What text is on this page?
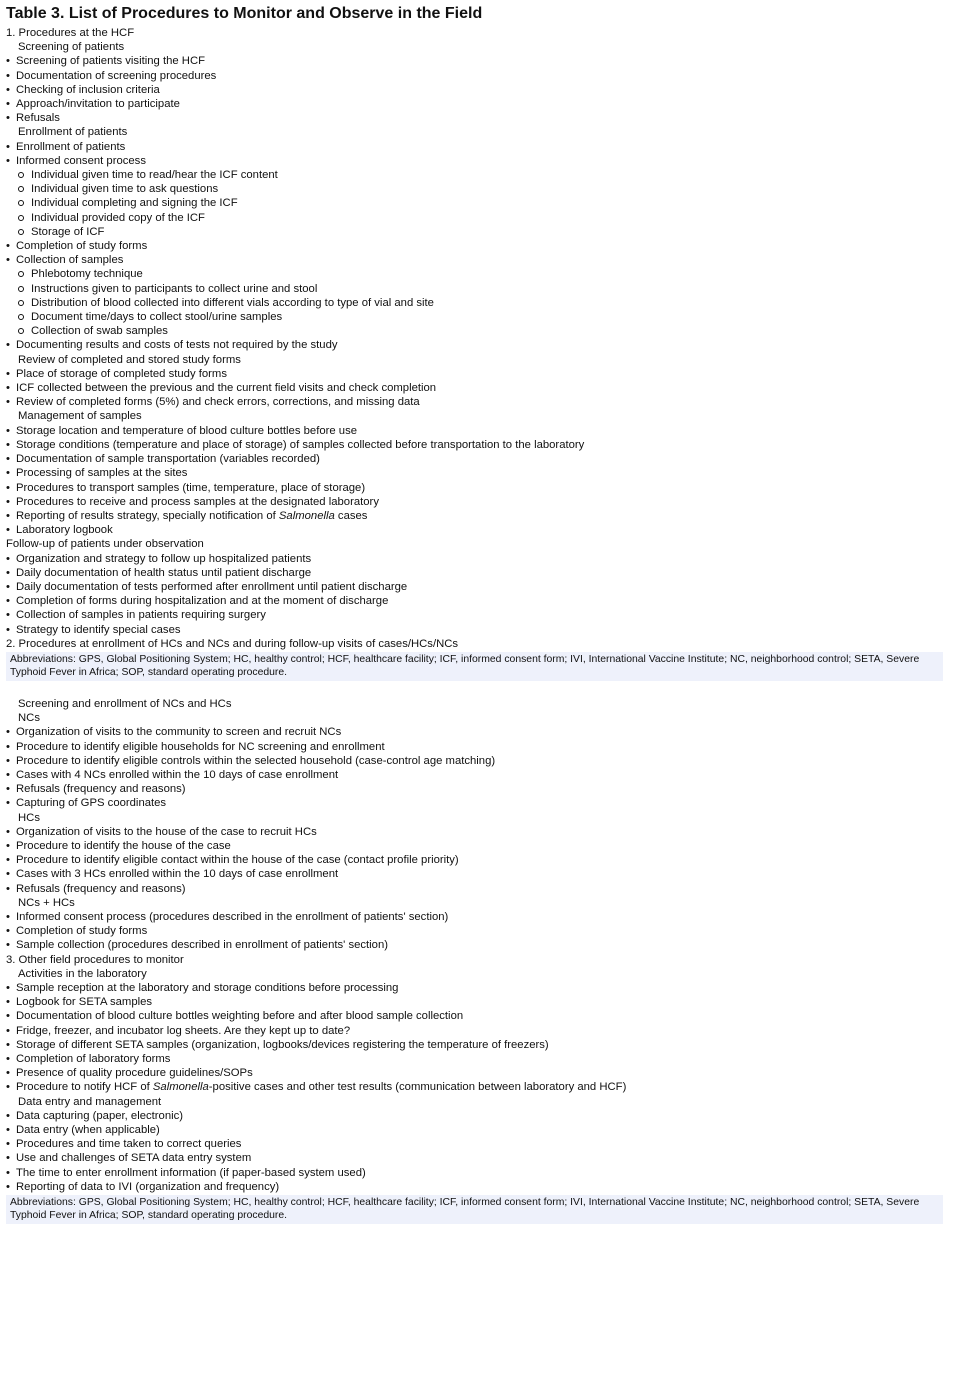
Table 3. List of Procedures to Monitor and Observe in the Field
1. Procedures at the HCF
Screening of patients
• Screening of patients visiting the HCF
• Documentation of screening procedures
• Checking of inclusion criteria
• Approach/invitation to participate
• Refusals
Enrollment of patients
• Enrollment of patients
• Informed consent process
Individual given time to read/hear the ICF content
Individual given time to ask questions
Individual completing and signing the ICF
Individual provided copy of the ICF
Storage of ICF
• Completion of study forms
• Collection of samples
Phlebotomy technique
Instructions given to participants to collect urine and stool
Distribution of blood collected into different vials according to type of vial and site
Document time/days to collect stool/urine samples
Collection of swab samples
• Documenting results and costs of tests not required by the study
Review of completed and stored study forms
• Place of storage of completed study forms
• ICF collected between the previous and the current field visits and check completion
• Review of completed forms (5%) and check errors, corrections, and missing data
Management of samples
• Storage location and temperature of blood culture bottles before use
• Storage conditions (temperature and place of storage) of samples collected before transportation to the laboratory
• Documentation of sample transportation (variables recorded)
• Processing of samples at the sites
• Procedures to transport samples (time, temperature, place of storage)
• Procedures to receive and process samples at the designated laboratory
• Reporting of results strategy, specially notification of Salmonella cases
• Laboratory logbook
Follow-up of patients under observation
• Organization and strategy to follow up hospitalized patients
• Daily documentation of health status until patient discharge
• Daily documentation of tests performed after enrollment until patient discharge
• Completion of forms during hospitalization and at the moment of discharge
• Collection of samples in patients requiring surgery
• Strategy to identify special cases
2. Procedures at enrollment of HCs and NCs and during follow-up visits of cases/HCs/NCs
Abbreviations: GPS, Global Positioning System; HC, healthy control; HCF, healthcare facility; ICF, informed consent form; IVI, International Vaccine Institute; NC, neighborhood control; SETA, Severe Typhoid Fever in Africa; SOP, standard operating procedure.
Screening and enrollment of NCs and HCs
NCs
• Organization of visits to the community to screen and recruit NCs
• Procedure to identify eligible households for NC screening and enrollment
• Procedure to identify eligible controls within the selected household (case-control age matching)
• Cases with 4 NCs enrolled within the 10 days of case enrollment
• Refusals (frequency and reasons)
• Capturing of GPS coordinates
HCs
• Organization of visits to the house of the case to recruit HCs
• Procedure to identify the house of the case
• Procedure to identify eligible contact within the house of the case (contact profile priority)
• Cases with 3 HCs enrolled within the 10 days of case enrollment
• Refusals (frequency and reasons)
NCs + HCs
• Informed consent process (procedures described in the enrollment of patients' section)
• Completion of study forms
• Sample collection (procedures described in enrollment of patients' section)
3. Other field procedures to monitor
Activities in the laboratory
• Sample reception at the laboratory and storage conditions before processing
• Logbook for SETA samples
• Documentation of blood culture bottles weighting before and after blood sample collection
• Fridge, freezer, and incubator log sheets. Are they kept up to date?
• Storage of different SETA samples (organization, logbooks/devices registering the temperature of freezers)
• Completion of laboratory forms
• Presence of quality procedure guidelines/SOPs
• Procedure to notify HCF of Salmonella-positive cases and other test results (communication between laboratory and HCF)
Data entry and management
• Data capturing (paper, electronic)
• Data entry (when applicable)
• Procedures and time taken to correct queries
• Use and challenges of SETA data entry system
• The time to enter enrollment information (if paper-based system used)
• Reporting of data to IVI (organization and frequency)
Abbreviations: GPS, Global Positioning System; HC, healthy control; HCF, healthcare facility; ICF, informed consent form; IVI, International Vaccine Institute; NC, neighborhood control; SETA, Severe Typhoid Fever in Africa; SOP, standard operating procedure.
